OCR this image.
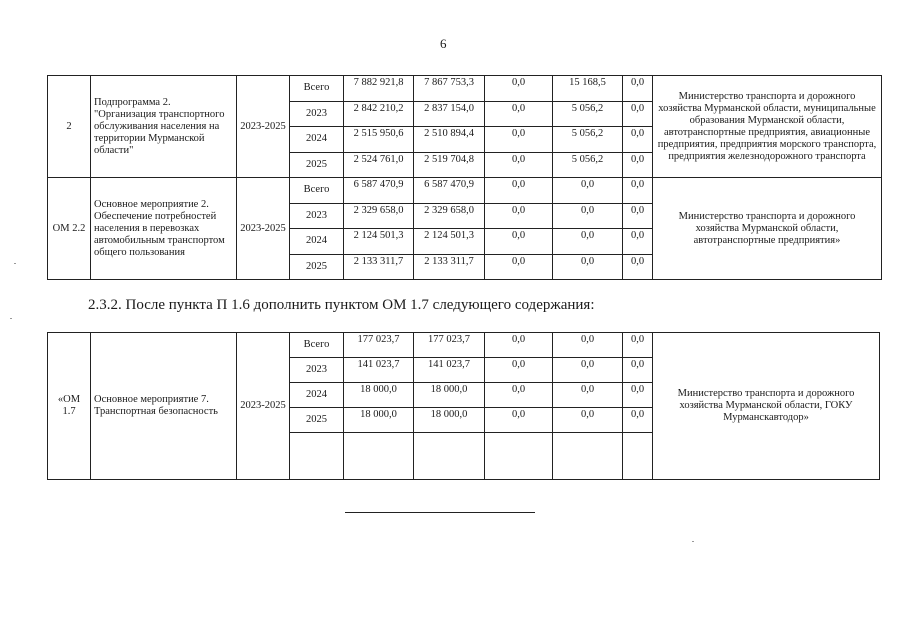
6
2	Подпрограмма 2. "Организация транспортного обслуживания населения на территории Мурманской области"	2023-2025	Всего	7 882 921,8	7 867 753,3	0,0	15 168,5	0,0	Министерство транспорта и дорожного хозяйства Мурманской области, муниципальные образования Мурманской области, автотранспортные предприятия, авиационные предприятия, предприятия морского транспорта, предприятия железнодорожного транспорта
			2023	2 842 210,2	2 837 154,0	0,0	5 056,2	0,0	
			2024	2 515 950,6	2 510 894,4	0,0	5 056,2	0,0	
			2025	2 524 761,0	2 519 704,8	0,0	5 056,2	0,0	
ОМ 2.2	Основное мероприятие 2. Обеспечение потребностей населения в перевозках автомобильным транспортом общего пользования	2023-2025	Всего	6 587 470,9	6 587 470,9	0,0	0,0	0,0	Министерство транспорта и дорожного хозяйства Мурманской области, автотранспортные предприятия»
			2023	2 329 658,0	2 329 658,0	0,0	0,0	0,0	
			2024	2 124 501,3	2 124 501,3	0,0	0,0	0,0	
			2025	2 133 311,7	2 133 311,7	0,0	0,0	0,0	
2.3.2. После пункта П 1.6 дополнить пунктом ОМ 1.7 следующего содержания:
«ОМ 1.7	Основное мероприятие 7. Транспортная безопасность	2023-2025	Всего	177 023,7	177 023,7	0,0	0,0	0,0	Министерство транспорта и дорожного хозяйства Мурманской области, ГОКУ Мурманскавтодор»
			2023	141 023,7	141 023,7	0,0	0,0	0,0	
			2024	18 000,0	18 000,0	0,0	0,0	0,0	
			2025	18 000,0	18 000,0	0,0	0,0	0,0	
